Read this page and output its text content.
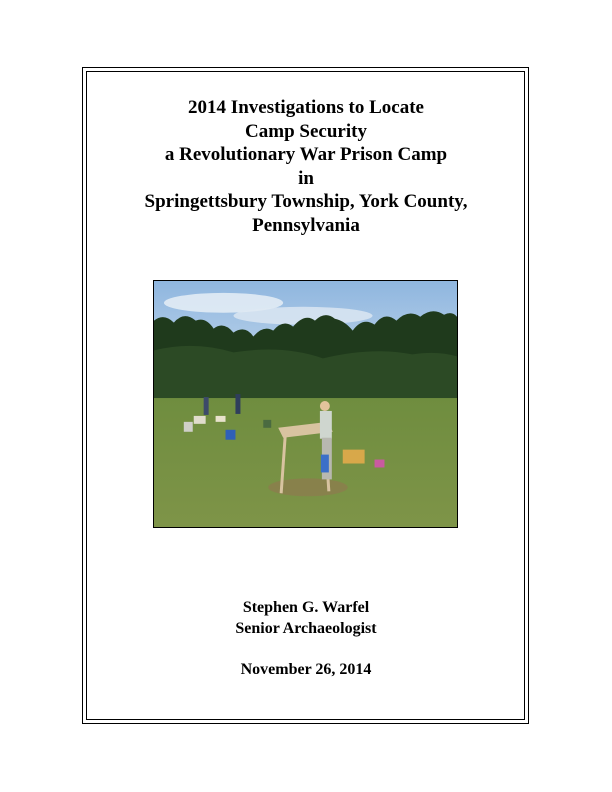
2014 Investigations to Locate
Camp Security
a Revolutionary War Prison Camp
in
Springettsbury Township, York County,
Pennsylvania
Stephen G. Warfel
Senior Archaeologist
November 26, 2014
